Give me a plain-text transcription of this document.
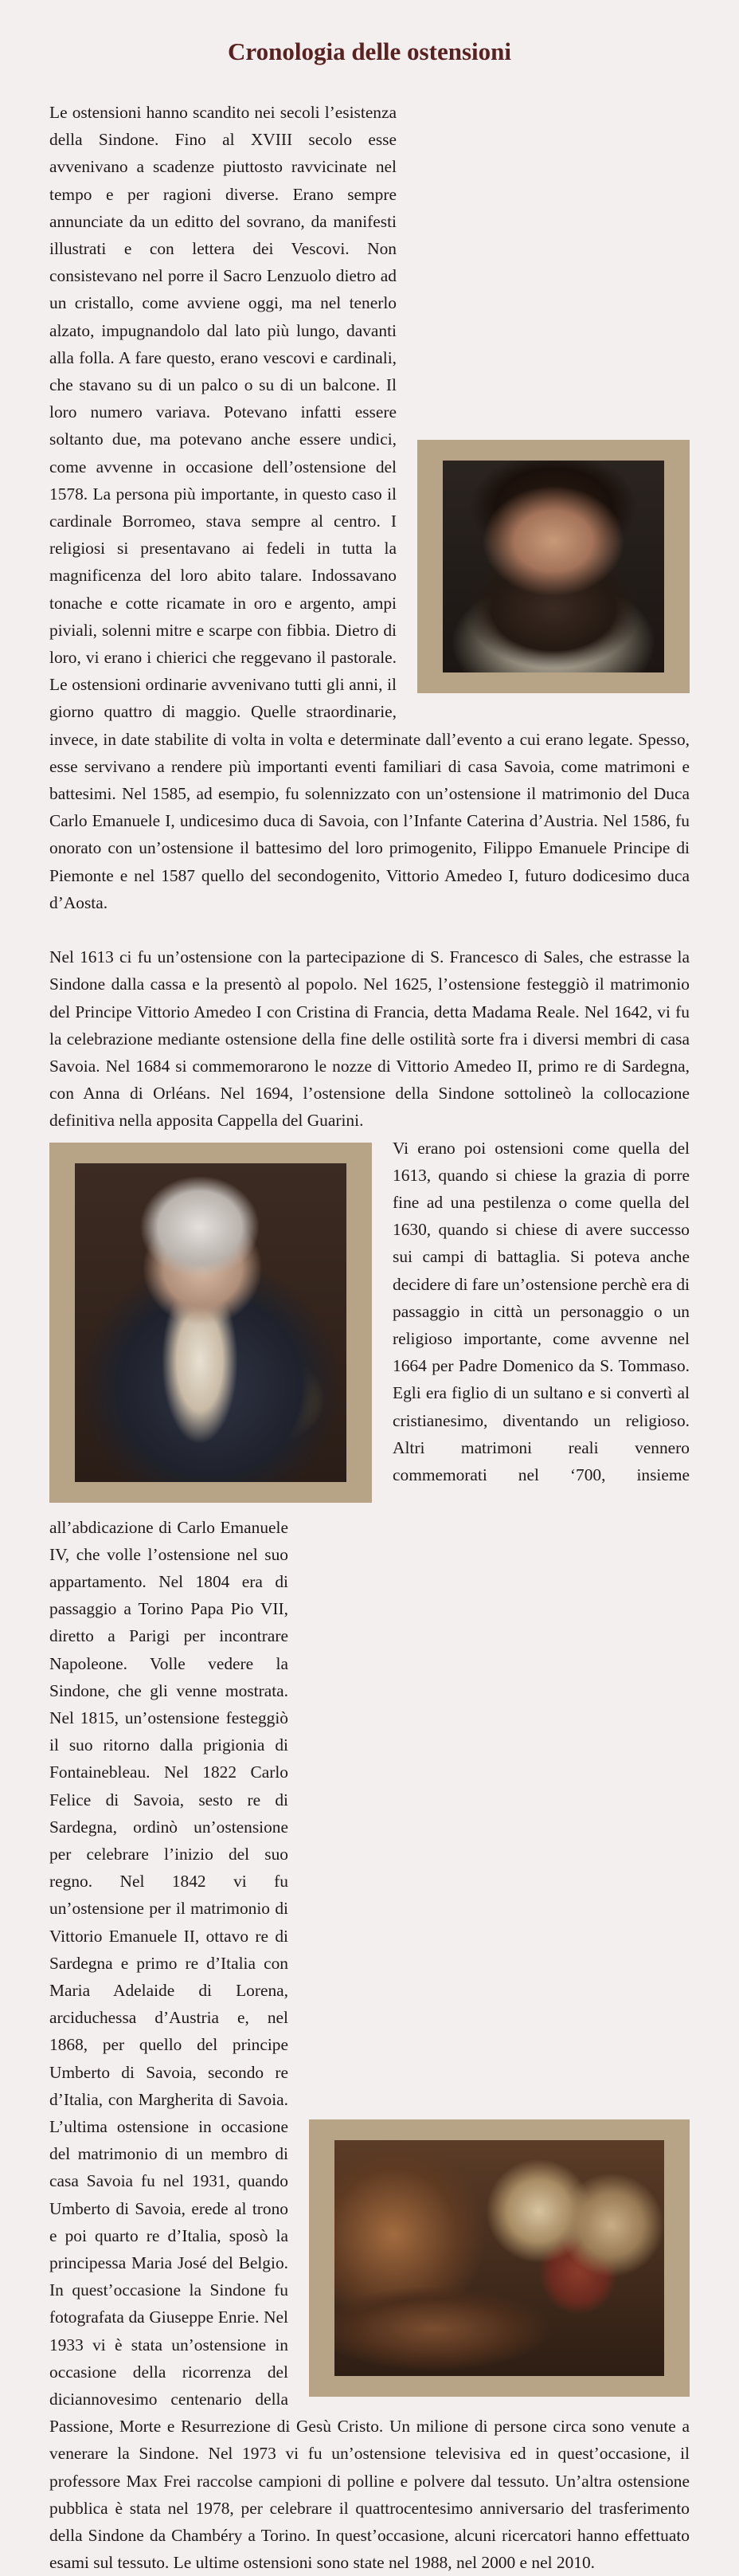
Cronologia delle ostensioni

Le ostensioni hanno scandito nei secoli l’esistenza della Sindone. Fino al XVIII secolo esse avvenivano a scadenze piuttosto ravvicinate nel tempo e per ragioni diverse. Erano sempre annunciate da un editto del sovrano, da manifesti illustrati e con lettera dei Vescovi. Non consistevano nel porre il Sacro Lenzuolo dietro ad un cristallo, come avviene oggi, ma nel tenerlo alzato, impugnandolo dal lato più lungo, davanti alla folla. A fare questo, erano vescovi e cardinali, che stavano su di un palco o su di un balcone. Il loro numero variava. Potevano infatti essere soltanto due, ma potevano anche essere undici, come avvenne in occasione dell’ostensione del 1578. La persona più importante, in questo caso il cardinale Borromeo, stava sempre al centro. I religiosi si presentavano ai fedeli in tutta la magnificenza del loro abito talare. Indossavano tonache e cotte ricamate in oro e argento, ampi piviali, solenni mitre e scarpe con fibbia. Dietro di loro, vi erano i chierici che reggevano il pastorale. Le ostensioni ordinarie avvenivano tutti gli anni, il giorno quattro di maggio. Quelle straordinarie, invece, in date stabilite di volta in volta e determinate dall’evento a cui erano legate. Spesso, esse servivano a rendere più importanti eventi familiari di casa Savoia, come matrimoni e battesimi. Nel 1585, ad esempio, fu solennizzato con un’ostensione il matrimonio del Duca Carlo Emanuele I, undicesimo duca di Savoia, con l’Infante Caterina d’Austria. Nel 1586, fu onorato con un’ostensione il battesimo del loro primogenito, Filippo Emanuele Principe di Piemonte e nel 1587 quello del secondogenito, Vittorio Amedeo I, futuro dodicesimo duca d’Aosta.

Nel 1613 ci fu un’ostensione con la partecipazione di S. Francesco di Sales, che estrasse la Sindone dalla cassa e la presentò al popolo. Nel 1625, l’ostensione festeggiò il matrimonio del Principe Vittorio Amedeo I con Cristina di Francia, detta Madama Reale. Nel 1642, vi fu la celebrazione mediante ostensione della fine delle ostilità sorte fra i diversi membri di casa Savoia. Nel 1684 si commemorarono le nozze di Vittorio Amedeo II, primo re di Sardegna, con Anna di Orléans. Nel 1694, l’ostensione della Sindone sottolineò la collocazione definitiva nella apposita Cappella del Guarini.

Vi erano poi ostensioni come quella del 1613, quando si chiese la grazia di porre fine ad una pestilenza o come quella del 1630, quando si chiese di avere successo sui campi di battaglia. Si poteva anche decidere di fare un’ostensione perchè era di passaggio in città un personaggio o un religioso importante, come avvenne nel 1664 per Padre Domenico da S. Tommaso. Egli era figlio di un sultano e si convertì al cristianesimo, diventando un religioso. Altri matrimoni reali vennero commemorati nel ‘700, insieme all’abdicazione di Carlo Emanuele IV, che volle l’ostensione nel suo appartamento. Nel 1804 era di passaggio a Torino Papa Pio VII, diretto a Parigi per incontrare Napoleone. Volle vedere la Sindone, che gli venne mostrata. Nel 1815, un’ostensione festeggiò il suo ritorno dalla prigionia di Fontainebleau. Nel 1822 Carlo Felice di Savoia, sesto re di Sardegna, ordinò un’ostensione per celebrare l’inizio del suo regno. Nel 1842 vi fu un’ostensione per il matrimonio di Vittorio Emanuele II, ottavo re di Sardegna e primo re d’Italia con Maria Adelaide di Lorena, arciduchessa d’Austria e, nel 1868, per quello del principe Umberto di Savoia, secondo re d’Italia, con Margherita di Savoia. L’ultima ostensione in occasione del matrimonio di un membro di casa Savoia fu nel 1931, quando Umberto di Savoia, erede al trono e poi quarto re d’Italia, sposò la principessa Maria José del Belgio. In quest’occasione la Sindone fu fotografata da Giuseppe Enrie. Nel 1933 vi è stata un’ostensione in occasione della ricorrenza del diciannovesimo centenario della Passione, Morte e Resurrezione di Gesù Cristo. Un milione di persone circa sono venute a venerare la Sindone. Nel 1973 vi fu un’ostensione televisiva ed in quest’occasione, il professore Max Frei raccolse campioni di polline e polvere dal tessuto. Un’altra ostensione pubblica è stata nel 1978, per celebrare il quattrocentesimo anniversario del trasferimento della Sindone da Chambéry a Torino. In quest’occasione, alcuni ricercatori hanno effettuato esami sul tessuto. Le ultime ostensioni sono state nel 1988, nel 2000 e nel 2010.
